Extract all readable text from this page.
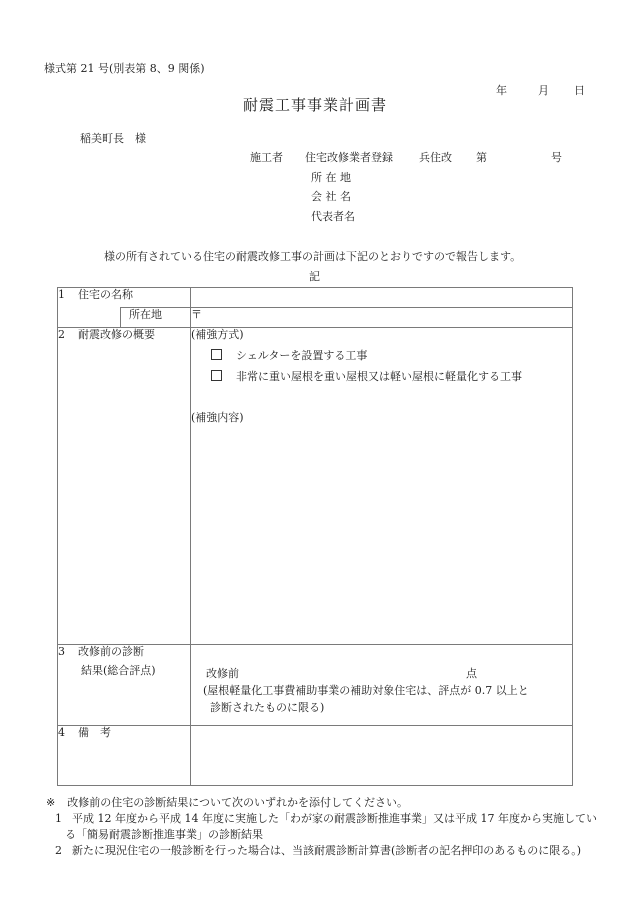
様式第 21 号(別表第 8、9 関係)
年	月 日
耐震工事事業計画書
稲美町長　様
施工者 住宅改修業者登録 兵住改 第	号
所 在 地
会 社 名
代表者名
様の所有されている住宅の耐震改修工事の計画は下記のとおりですので報告します。
記
1 住宅の名称		
	所在地	〒
2 耐震改修の概要		(補強方式)
シェルターを設置する工事
非常に重い屋根を重い屋根又は軽い屋根に軽量化する工事
(補強内容)

3 改修前の診断
結果(総合評点)	改修前	点
(屋根軽量化工事費補助事業の補助対象住宅は、評点が 0.7 以上と
診断されたものに限る)

4 備　考		
※ 改修前の住宅の診断結果について次のいずれかを添付してください。
1 平成 12 年度から平成 14 年度に実施した「わが家の耐震診断推進事業」又は平成 17 年度から実施している「簡易耐震診断推進事業」の診断結果
2 新たに現況住宅の一般診断を行った場合は、当該耐震診断計算書(診断者の記名押印のあるものに限る。)
